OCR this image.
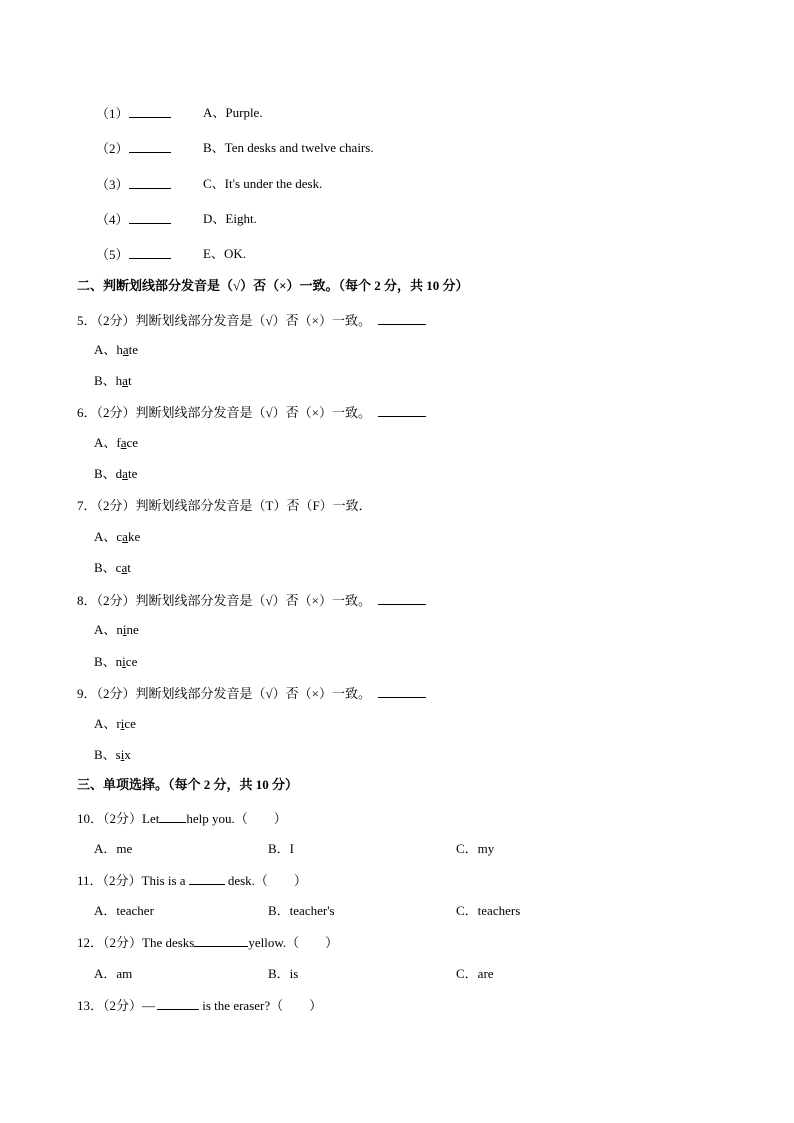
（1）	A、Purple.
（2）	B、Ten desks and twelve chairs.
（3）	C、It's under the desk.
（4）	D、Eight.
（5）	E、OK.
二、判断划线部分发音是（√）否（×）一致。（每个 2 分，共 10 分）
5．（2分）判断划线部分发音是（√）否（×）一致。
A、hate
B、hat
6．（2分）判断划线部分发音是（√）否（×）一致。
A、face
B、date
7．（2分）判断划线部分发音是（T）否（F）一致．
A、cake
B、cat
8．（2分）判断划线部分发音是（√）否（×）一致。
A、nine
B、nice
9．（2分）判断划线部分发音是（√）否（×）一致。
A、rice
B、six
三、单项选择。（每个 2 分，共 10 分）
10．（2分）Let help you.（　　）
A．me	B．I	C．my
11．（2分）This is a	desk.（　　）
A．teacher	B．teacher's	C．teachers
12．（2分）The desks	yellow.（　　）
A．am	B．is	C．are
13．（2分）—	is the eraser?（　　）
